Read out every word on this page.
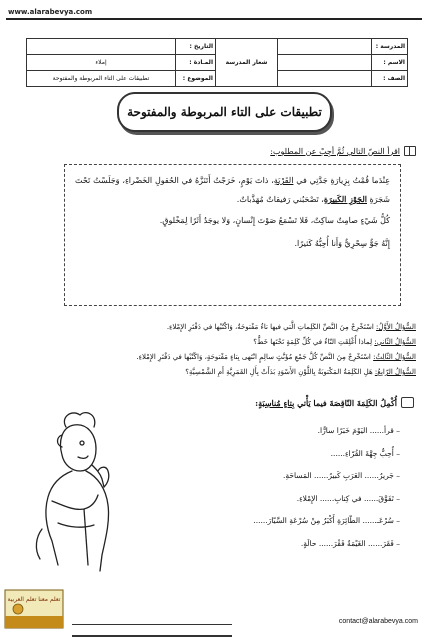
www.alarabevya.com
المدرسة :		شعار المدرسة	التاريخ :	
الاسم :			المـادة :	إملاء
الصف :			الموضوع :	تطبيقات على التاء المربوطة والمفتوحة
تطبيقات على التاء المربوطة والمفتوحة
اقرأ النصّ التالي ثُمَّ أجِبْ عن المطلوب:

عِنْدَما قُمْتُ بِزِيارَةِ جَدَّتِي في القَرْيَةِ، ذاتَ يَوْمٍ، خَرَجْتُ أَتَنَزَّهُ في الحُقولِ الخَضْراءِ، وَجَلَسْتُ تَحْتَ شَجَرَةِ الجَوْزِ الكَبيرَةِ، تَصْحَبُني رَفيقاتٌ مُهَذَّباتٌ.

كُلُّ شَيْءٍ صامِتٌ ساكِتٌ، فَلا تَسْمَعُ صَوْتَ إِنْسانٍ، وَلا يوجَدُ أَثَرًا لِمَخْلوقٍ.

إِنَّهُ جَوٌّ سِحْرِيٌّ وَأَنا أُحِبُّهُ كَثيرًا.

السُّؤالُ الأَوَّلُ: اسْتَخْرِجْ مِنَ النَّصِّ الكَلِماتِ الَّتي فيها تاءٌ مَفْتوحَةٌ، وَاكْتُبْها في دَفْتَرِ الإِمْلاءِ.

السُّؤالُ الثّاني: لِماذا أُغْلِقَتِ التّاءُ في كُلِّ كَلِمَةٍ تَحْتَها خَطٌّ؟

السُّؤالُ الثّالِثُ: اسْتَخْرِجْ مِنَ النَّصِّ كُلَّ جَمْعِ مُؤَنَّثٍ سالِمٍ انْتَهى بِتاءٍ مَفْتوحَةٍ، وَاكْتُبْها في دَفْتَرِ الإِمْلاءِ.

السُّؤالُ الرّابِعُ: هَلِ الكَلِمَةُ المَكْتوبَةُ بِاللَّوْنِ الأَسْوَدِ بَدَأَتْ بِأَلِ القَمَرِيَّةِ أَمِ الشَّمْسِيَّةِ؟

أُكْمِلُ الكَلِمَةَ النّاقِصَةَ فيما يَأْتي بِتاءٍ مُناسِبَةٍ:
– قرأ...... اليَوْمَ خَبَرًا سارًّا.
– أُحِبُّ جِهَّةَ القُرّاءِ......
– جَريرٌ...... العَرَبِ كَبيرُ...... المَساحَةِ.
– تَفَوَّقَ...... في كِتابِ...... الإِمْلاءِ.
– سُرْعَـ...... الطّائِرَةِ أَكْبَرُ مِنْ سُرْعَةِ السَّيّارَ......
– فَقَرَ...... الغَيْمَةُ فَقْرَ...... حالَةٍ.
تعلم معنا تعلم العربية
contact@alarabevya.com
